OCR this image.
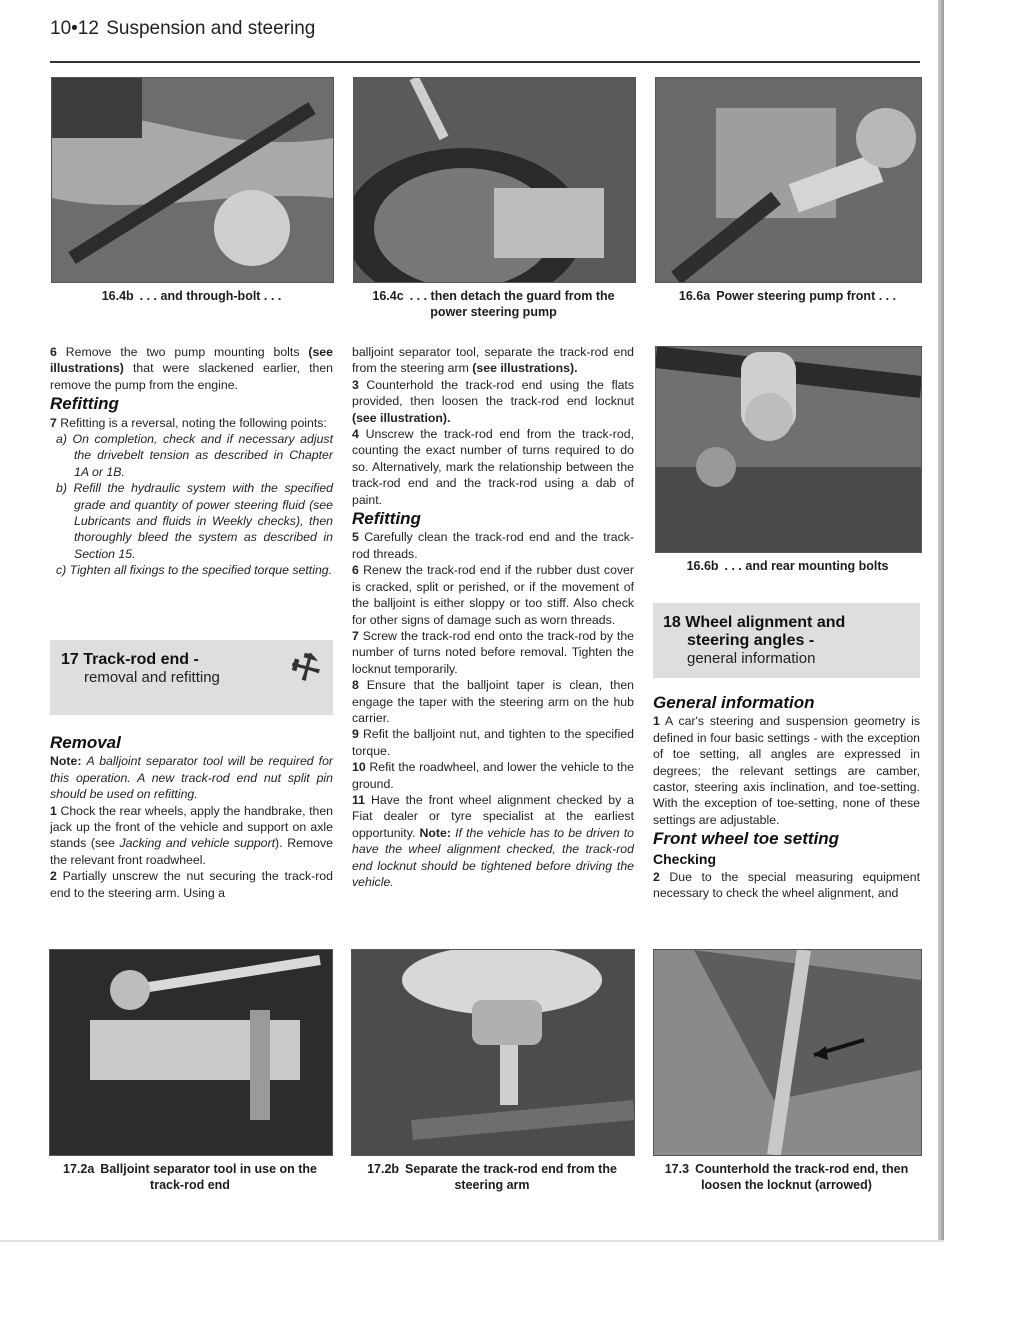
10•12 Suspension and steering
16.4b . . . and through-bolt . . .	16.4c . . . then detach the guard from the power steering pump
16.6a Power steering pump front . . .

6 Remove the two pump mounting bolts (see illustrations) that were slackened earlier, then remove the pump from the engine.

Refitting

7 Refitting is a reversal, noting the following points:

a) On completion, check and if necessary adjust the drivebelt tension as described in Chapter 1A or 1B.

b) Refill the hydraulic system with the specified grade and quantity of power steering fluid (see Lubricants and fluids in Weekly checks), then thoroughly bleed the system as described in Section 15.

c) Tighten all fixings to the specified torque setting.

17 Track-rod end -
removal and refitting ⚒
Removal

Note: A balljoint separator tool will be required for this operation. A new track-rod end nut split pin should be used on refitting.

1 Chock the rear wheels, apply the handbrake, then jack up the front of the vehicle and support on axle stands (see Jacking and vehicle support). Remove the relevant front roadwheel.

2 Partially unscrew the nut securing the track-rod end to the steering arm. Using a

balljoint separator tool, separate the track-rod end from the steering arm (see illustrations).

3 Counterhold the track-rod end using the flats provided, then loosen the track-rod end locknut (see illustration).

4 Unscrew the track-rod end from the track-rod, counting the exact number of turns required to do so. Alternatively, mark the relationship between the track-rod end and the track-rod using a dab of paint.

Refitting

5 Carefully clean the track-rod end and the track-rod threads.

6 Renew the track-rod end if the rubber dust cover is cracked, split or perished, or if the movement of the balljoint is either sloppy or too stiff. Also check for other signs of damage such as worn threads.

7 Screw the track-rod end onto the track-rod by the number of turns noted before removal. Tighten the locknut temporarily.

8 Ensure that the balljoint taper is clean, then engage the taper with the steering arm on the hub carrier.

9 Refit the balljoint nut, and tighten to the specified torque.

10 Refit the roadwheel, and lower the vehicle to the ground.

11 Have the front wheel alignment checked by a Fiat dealer or tyre specialist at the earliest opportunity. Note: If the vehicle has to be driven to have the wheel alignment checked, the track-rod end locknut should be tightened before driving the vehicle.

16.6b . . . and rear mounting bolts
18 Wheel alignment and
steering angles -
general information
General information

1 A car's steering and suspension geometry is defined in four basic settings - with the exception of toe setting, all angles are expressed in degrees; the relevant settings are camber, castor, steering axis inclination, and toe-setting. With the exception of toe-setting, none of these settings are adjustable.

Front wheel toe setting
Checking

2 Due to the special measuring equipment necessary to check the wheel alignment, and

17.2a Balljoint separator tool in use on the track-rod end
17.2b Separate the track-rod end from the steering arm
17.3 Counterhold the track-rod end, then loosen the locknut (arrowed)
